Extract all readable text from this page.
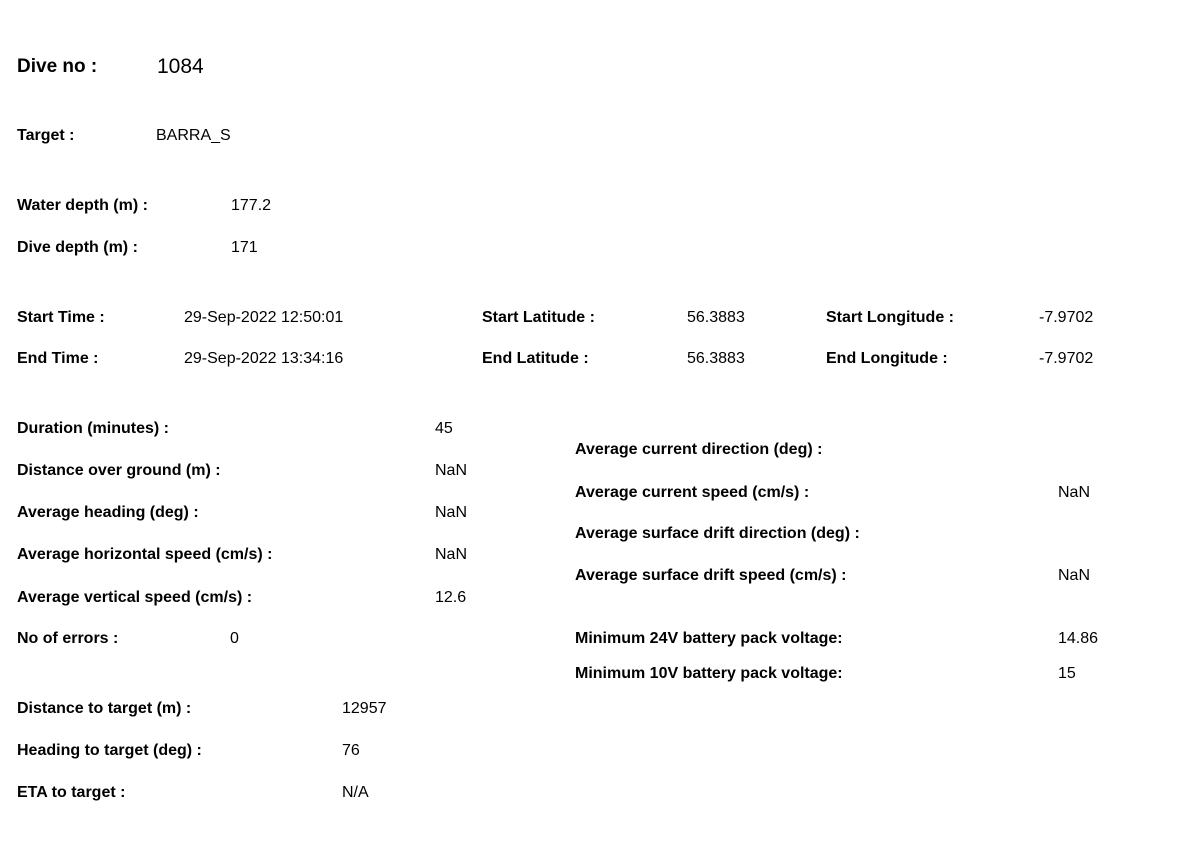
Dive no :	1084
Target :	BARRA_S
Water depth (m) :	177.2
Dive depth (m) :	171
Start Time :	29-Sep-2022 12:50:01	Start Latitude :	56.3883	Start Longitude :	-7.9702
End Time :	29-Sep-2022 13:34:16	End Latitude :	56.3883	End Longitude :	-7.9702
Duration (minutes) :	45
Distance over ground (m) :	NaN
Average heading (deg) :	NaN
Average horizontal speed (cm/s) :	NaN
Average vertical speed (cm/s) :	12.6
No of errors :	0
Average current direction (deg) :
Average current speed (cm/s) :	NaN
Average surface drift direction (deg) :
Average surface drift speed (cm/s) :	NaN
Minimum 24V battery pack voltage:	14.86
Minimum 10V battery pack voltage:	15
Distance to target (m) :	12957
Heading to target (deg) :	76
ETA to target :	N/A
